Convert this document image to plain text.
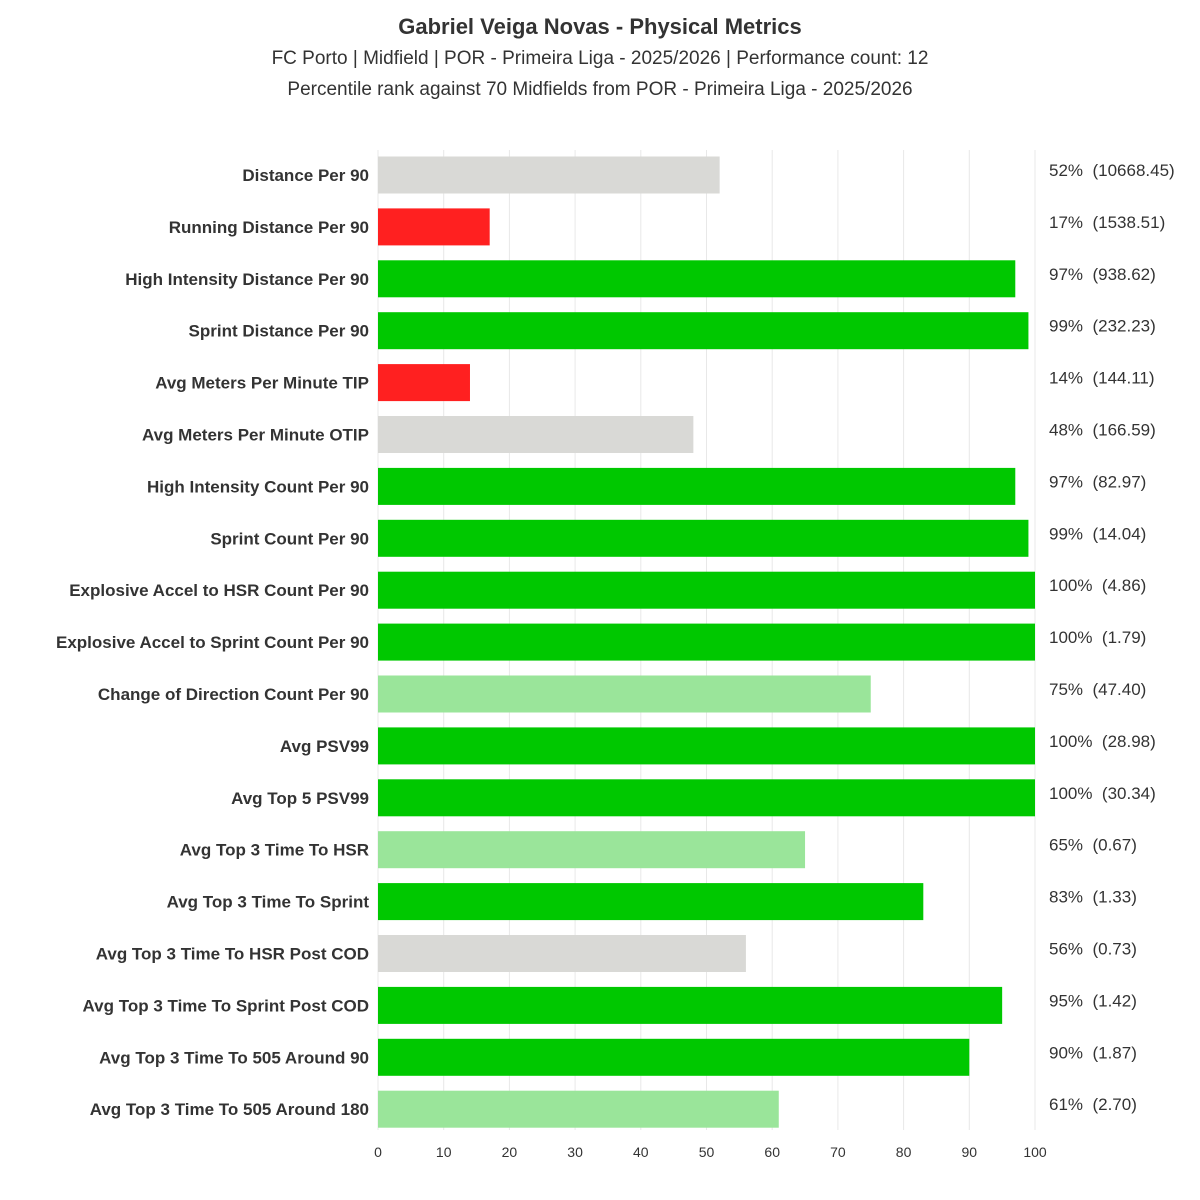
Gabriel Veiga Novas - Physical Metrics
FC Porto | Midfield | POR - Primeira Liga - 2025/2026 | Performance count: 12
Percentile rank against 70 Midfields from POR - Primeira Liga - 2025/2026
Distance Per 90	52%  (10668.45)
Running Distance Per 90	17%  (1538.51)
High Intensity Distance Per 90	97%  (938.62)
Sprint Distance Per 90	99%  (232.23)
Avg Meters Per Minute TIP	14%  (144.11)
Avg Meters Per Minute OTIP	48%  (166.59)
High Intensity Count Per 90	97%  (82.97)
Sprint Count Per 90	99%  (14.04)
Explosive Accel to HSR Count Per 90	100%  (4.86)
Explosive Accel to Sprint Count Per 90	100%  (1.79)
Change of Direction Count Per 90	75%  (47.40)
Avg PSV99	100%  (28.98)
Avg Top 5 PSV99	100%  (30.34)
Avg Top 3 Time To HSR	65%  (0.67)
Avg Top 3 Time To Sprint	83%  (1.33)
Avg Top 3 Time To HSR Post COD	56%  (0.73)
Avg Top 3 Time To Sprint Post COD	95%  (1.42)
Avg Top 3 Time To 505 Around 90	90%  (1.87)
Avg Top 3 Time To 505 Around 180	61%  (2.70)
0	10	20	30	40	50	60	70	80	90	100
